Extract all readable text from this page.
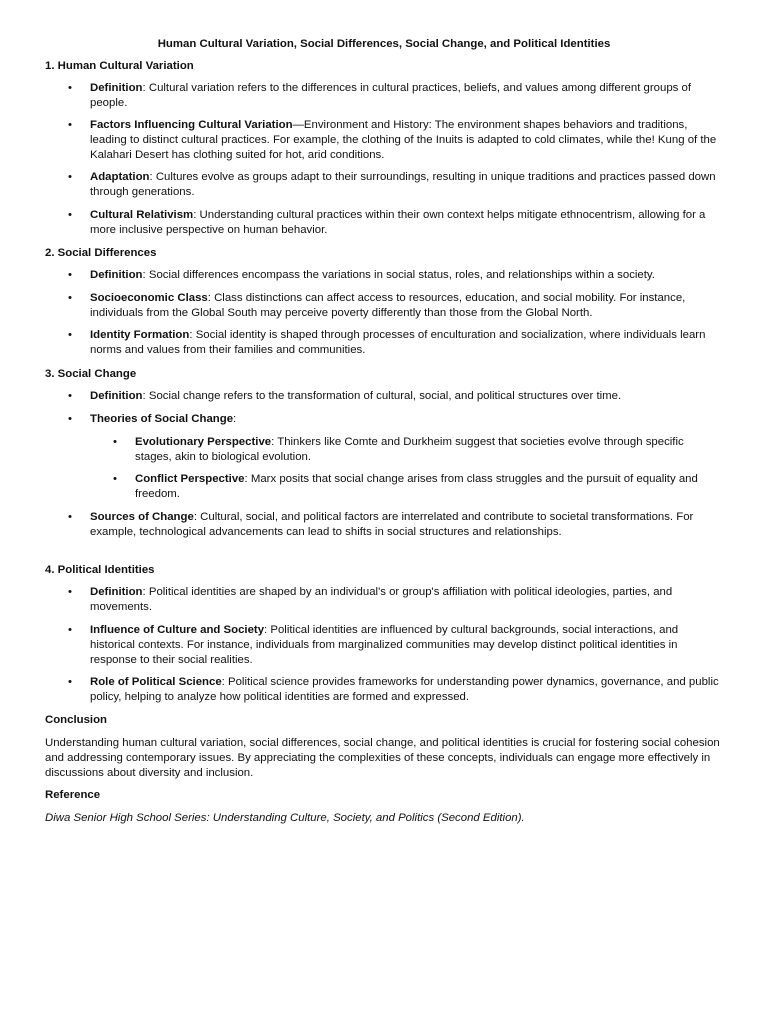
Human Cultural Variation, Social Differences, Social Change, and Political Identities

1. Human Cultural Variation

• Definition: Cultural variation refers to the differences in cultural practices, beliefs, and values among different groups of people.

• Factors Influencing Cultural Variation—Environment and History: The environment shapes behaviors and traditions, leading to distinct cultural practices. For example, the clothing of the Inuits is adapted to cold climates, while the! Kung of the Kalahari Desert has clothing suited for hot, arid conditions.

• Adaptation: Cultures evolve as groups adapt to their surroundings, resulting in unique traditions and practices passed down through generations.

• Cultural Relativism: Understanding cultural practices within their own context helps mitigate ethnocentrism, allowing for a more inclusive perspective on human behavior.

2. Social Differences

• Definition: Social differences encompass the variations in social status, roles, and relationships within a society.

• Socioeconomic Class: Class distinctions can affect access to resources, education, and social mobility. For instance, individuals from the Global South may perceive poverty differently than those from the Global North.

• Identity Formation: Social identity is shaped through processes of enculturation and socialization, where individuals learn norms and values from their families and communities.

3. Social Change

• Definition: Social change refers to the transformation of cultural, social, and political structures over time.

• Theories of Social Change:

• Evolutionary Perspective: Thinkers like Comte and Durkheim suggest that societies evolve through specific stages, akin to biological evolution.

• Conflict Perspective: Marx posits that social change arises from class struggles and the pursuit of equality and freedom.

• Sources of Change: Cultural, social, and political factors are interrelated and contribute to societal transformations. For example, technological advancements can lead to shifts in social structures and relationships.

4. Political Identities

• Definition: Political identities are shaped by an individual's or group's affiliation with political ideologies, parties, and movements.

• Influence of Culture and Society: Political identities are influenced by cultural backgrounds, social interactions, and historical contexts. For instance, individuals from marginalized communities may develop distinct political identities in response to their social realities.

• Role of Political Science: Political science provides frameworks for understanding power dynamics, governance, and public policy, helping to analyze how political identities are formed and expressed.

Conclusion

Understanding human cultural variation, social differences, social change, and political identities is crucial for fostering social cohesion and addressing contemporary issues. By appreciating the complexities of these concepts, individuals can engage more effectively in discussions about diversity and inclusion.

Reference

Diwa Senior High School Series: Understanding Culture, Society, and Politics (Second Edition).
